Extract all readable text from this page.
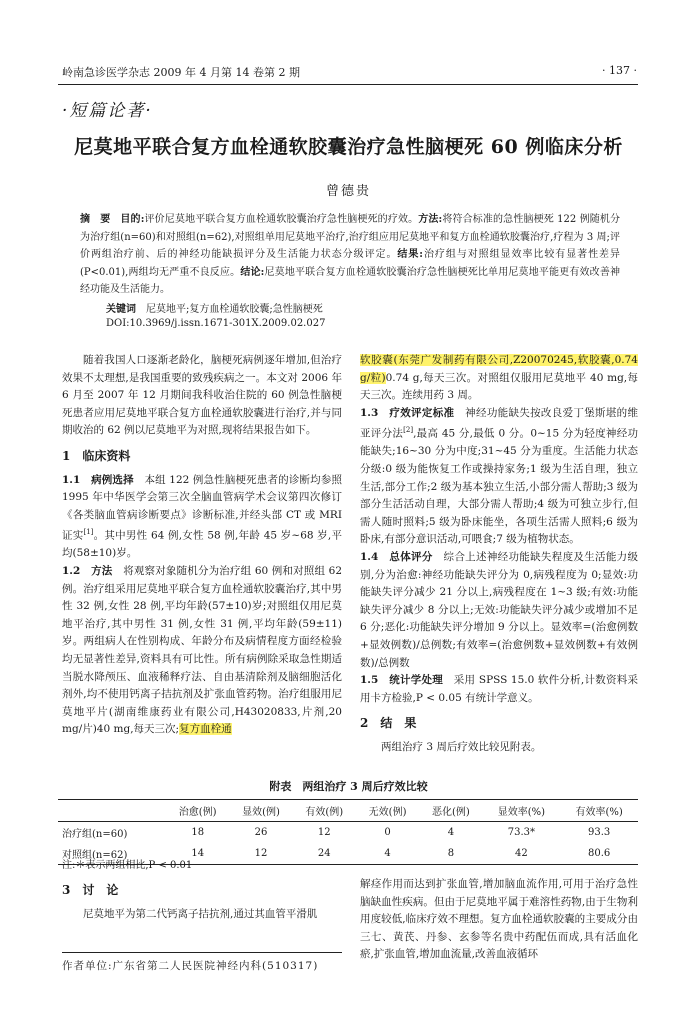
岭南急诊医学杂志 2009 年 4 月第 14 卷第 2 期	· 137 ·
·短篇论著·
尼莫地平联合复方血栓通软胶囊治疗急性脑梗死 60 例临床分析
曾德贵
摘　要 目的:评价尼莫地平联合复方血栓通软胶囊治疗急性脑梗死的疗效。方法:将符合标准的急性脑梗死 122 例随机分为治疗组(n=60)和对照组(n=62),对照组单用尼莫地平治疗,治疗组应用尼莫地平和复方血栓通软胶囊治疗,疗程为 3 周;评价两组治疗前、后的神经功能缺损评分及生活能力状态分级评定。结果:治疗组与对照组显效率比较有显著性差异(P<0.01),两组均无严重不良反应。结论:尼莫地平联合复方血栓通软胶囊治疗急性脑梗死比单用尼莫地平能更有效改善神经功能及生活能力。
关键词 尼莫地平;复方血栓通软胶囊;急性脑梗死
DOI:10.3969/j.issn.1671-301X.2009.02.027

随着我国人口逐渐老龄化，脑梗死病例逐年增加,但治疗效果不太理想,是我国重要的致残疾病之一。本文对 2006 年 6 月至 2007 年 12 月期间我科收治住院的 60 例急性脑梗死患者应用尼莫地平联合复方血栓通软胶囊进行治疗,并与同期收治的 62 例以尼莫地平为对照,现将结果报告如下。

1　临床资料

1.1　病例选择　 本组 122 例急性脑梗死患者的诊断均参照 1995 年中华医学会第三次全脑血管病学术会议第四次修订《各类脑血管病诊断要点》诊断标准,并经头部 CT 或 MRI 证实[1]。其中男性 64 例,女性 58 例,年龄 45 岁~68 岁,平均(58±10)岁。

1.2　方法　 将观察对象随机分为治疗组 60 例和对照组 62 例。治疗组采用尼莫地平联合复方血栓通软胶囊治疗,其中男性 32 例,女性 28 例,平均年龄(57±10)岁;对照组仅用尼莫地平治疗,其中男性 31 例,女性 31 例,平均年龄(59±11)岁。两组病人在性别构成、年龄分布及病情程度方面经检验均无显著性差异,资料具有可比性。所有病例除采取急性期适当脱水降颅压、血液稀释疗法、自由基清除剂及脑细胞活化剂外,均不使用钙离子拮抗剂及扩张血管药物。治疗组服用尼莫地平片(湖南维康药业有限公司,H43020833,片剂,20 mg/片)40 mg,每天三次;复方血栓通

软胶囊(东莞广发制药有限公司,Z20070245,软胶囊,0.74 g/粒)0.74 g,每天三次。对照组仅服用尼莫地平 40 mg,每天三次。连续用药 3 周。

1.3　疗效评定标准　 神经功能缺失按改良爱丁堡斯堪的维亚评分法[2],最高 45 分,最低 0 分。0~15 分为轻度神经功能缺失;16~30 分为中度;31~45 分为重度。生活能力状态分级:0 级为能恢复工作或操持家务;1 级为生活自理，独立生活,部分工作;2 级为基本独立生活,小部分需人帮助;3 级为部分生活活动自理，大部分需人帮助;4 级为可独立步行,但需人随时照料;5 级为卧床能坐，各项生活需人照料;6 级为卧床,有部分意识活动,可喂食;7 级为植物状态。

1.4　总体评分　 综合上述神经功能缺失程度及生活能力级别,分为治愈:神经功能缺失评分为 0,病残程度为 0;显效:功能缺失评分减少 21 分以上,病残程度在 1~3 级;有效:功能缺失评分减少 8 分以上;无效:功能缺失评分减少或增加不足 6 分;恶化:功能缺失评分增加 9 分以上。显效率=(治愈例数+显效例数)/总例数;有效率=(治愈例数+显效例数+有效例数)/总例数

1.5　统计学处理　 采用 SPSS 15.0 软件分析,计数资料采用卡方检验,P < 0.05 有统计学意义。

2　结　果

两组治疗 3 周后疗效比较见附表。

附表　两组治疗 3 周后疗效比较
	治愈(例)	显效(例)	有效(例)	无效(例)	恶化(例)	显效率(%)	有效率(%)
治疗组(n=60)	18	26	12	0	4	73.3*	93.3
对照组(n=62)	14	12	24	4	8	42	80.6
注:＊表示两组相比,P < 0.01
3　讨　论

尼莫地平为第二代钙离子拮抗剂,通过其血管平滑肌

解痉作用而达到扩张血管,增加脑血流作用,可用于治疗急性脑缺血性疾病。但由于尼莫地平属于难溶性药物,由于生物利用度较低,临床疗效不理想。复方血栓通软胶囊的主要成分由三七、黄芪、丹参、玄参等名贵中药配伍而成,具有活血化瘀,扩张血管,增加血流量,改善血液循环

作者单位:广东省第二人民医院神经内科(510317)
